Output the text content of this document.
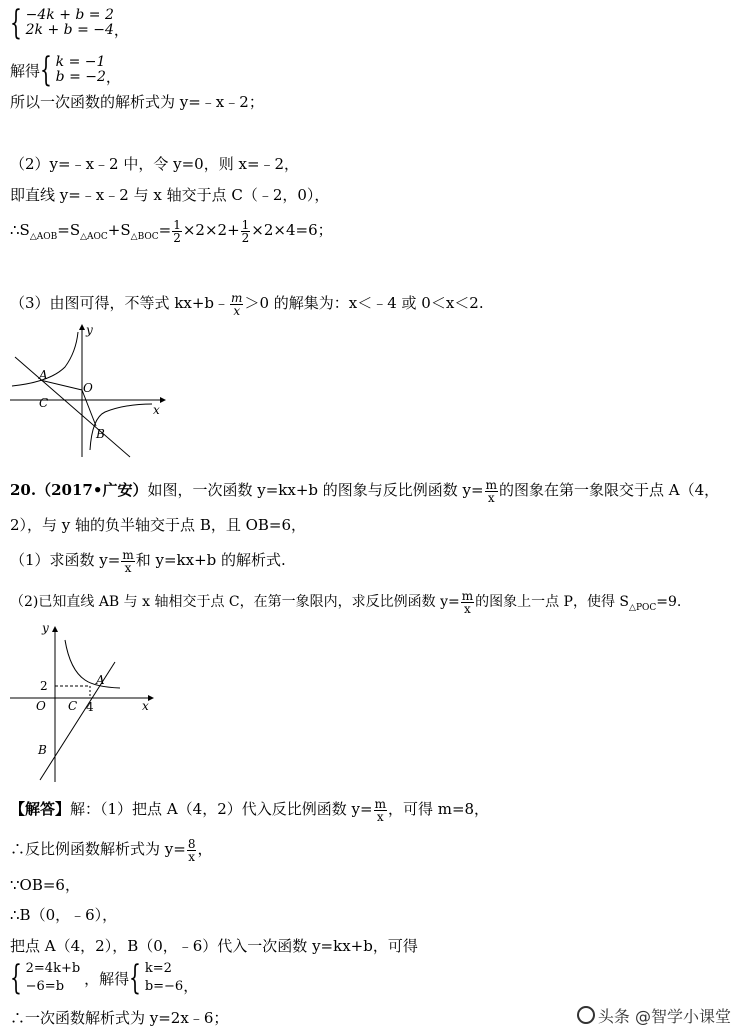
{ −4k + b = 2
2k + b = −4 ，
解得 { k = −1
b = −2 ，
所以一次函数的解析式为 y=﹣x﹣2；
（2）y=﹣x﹣2 中，令 y=0，则 x=﹣2，
即直线 y=﹣x﹣2 与 x 轴交于点 C（﹣2，0），
$\therefore S_{\triangle AOB}=S_{\triangle AOC}+S_{\triangle BOC}= \frac{1}{2} \times 2\times 2+ \frac{1}{2} \times 2\times 4=6$；
（3）由图可得，不等式 kx+b﹣ $\frac{m}{x} >0$ 的解集为：x＜﹣4 或 0＜x＜2.
y
x
O
A
C
B
20.（2017•广安）如图，一次函数 y=kx+b 的图象与反比例函数 $y= \frac{m}{x}$ 的图象在第一象限交于点 A（4，
2），与 y 轴的负半轴交于点 B，且 OB=6，
（1）求函数 $y= \frac{m}{x}$ 和 y=kx+b 的解析式.
（2)已知直线 AB 与 x 轴相交于点 C，在第一象限内，求反比例函数 $y= \frac{m}{x}$ 的图象上一点 P，使得 $S_{\triangle POC}=9$.
y
x
O C 4
2	A
B
【解答】解：（1）把点 A（4，2）代入反比例函数 $y= \frac{m}{x}$ ，可得 m=8，
∴反比例函数解析式为 $y= \frac{8}{x}$ ，
∵OB=6，
∴B（0，﹣6），
把点 A（4，2），B（0，﹣6）代入一次函数 y=kx+b，可得
{ 2=4k+b
−6=b	，解得 { k=2
b=−6 ，
∴一次函数解析式为 y=2x﹣6；	头条 @智学小课堂
